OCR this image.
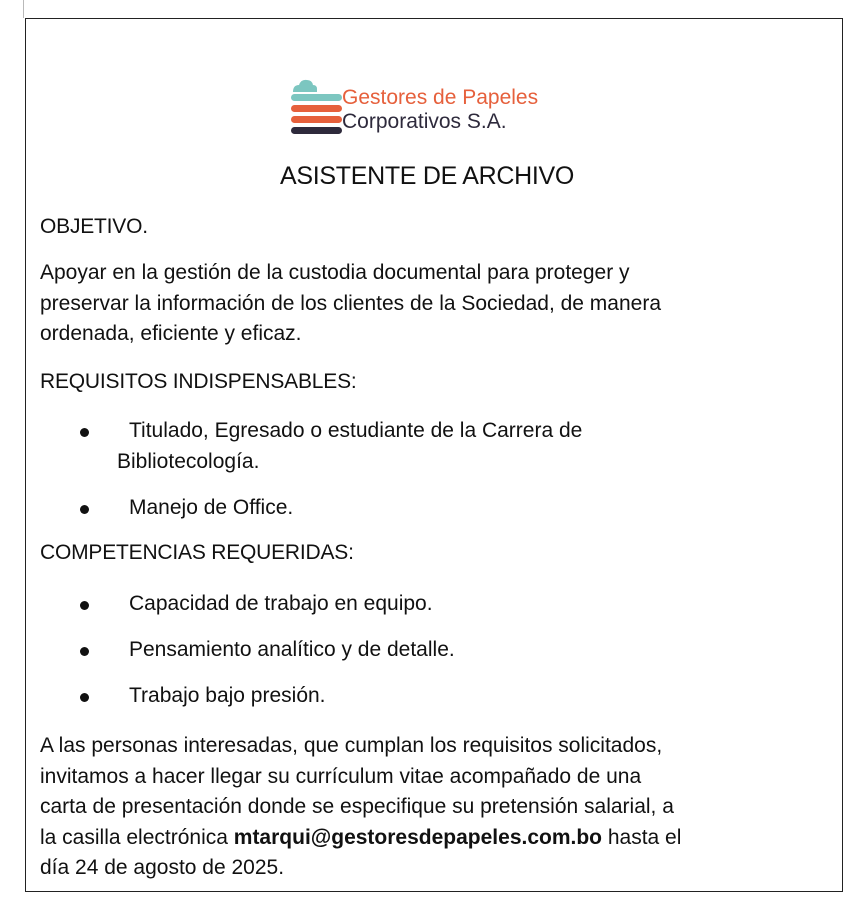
Gestores de Papeles
Corporativos S.A.
ASISTENTE DE ARCHIVO
OBJETIVO.
Apoyar en la gestión de la custodia documental para proteger y
preservar la información de los clientes de la Sociedad, de manera
ordenada, eficiente y eficaz.
REQUISITOS INDISPENSABLES:
Titulado, Egresado o estudiante de la Carrera de
Bibliotecología.
Manejo de Office.
COMPETENCIAS REQUERIDAS:
Capacidad de trabajo en equipo.
Pensamiento analítico y de detalle.
Trabajo bajo presión.
A las personas interesadas, que cumplan los requisitos solicitados,
invitamos a hacer llegar su currículum vitae acompañado de una
carta de presentación donde se especifique su pretensión salarial, a
la casilla electrónica mtarqui@gestoresdepapeles.com.bo hasta el
día 24 de agosto de 2025.
